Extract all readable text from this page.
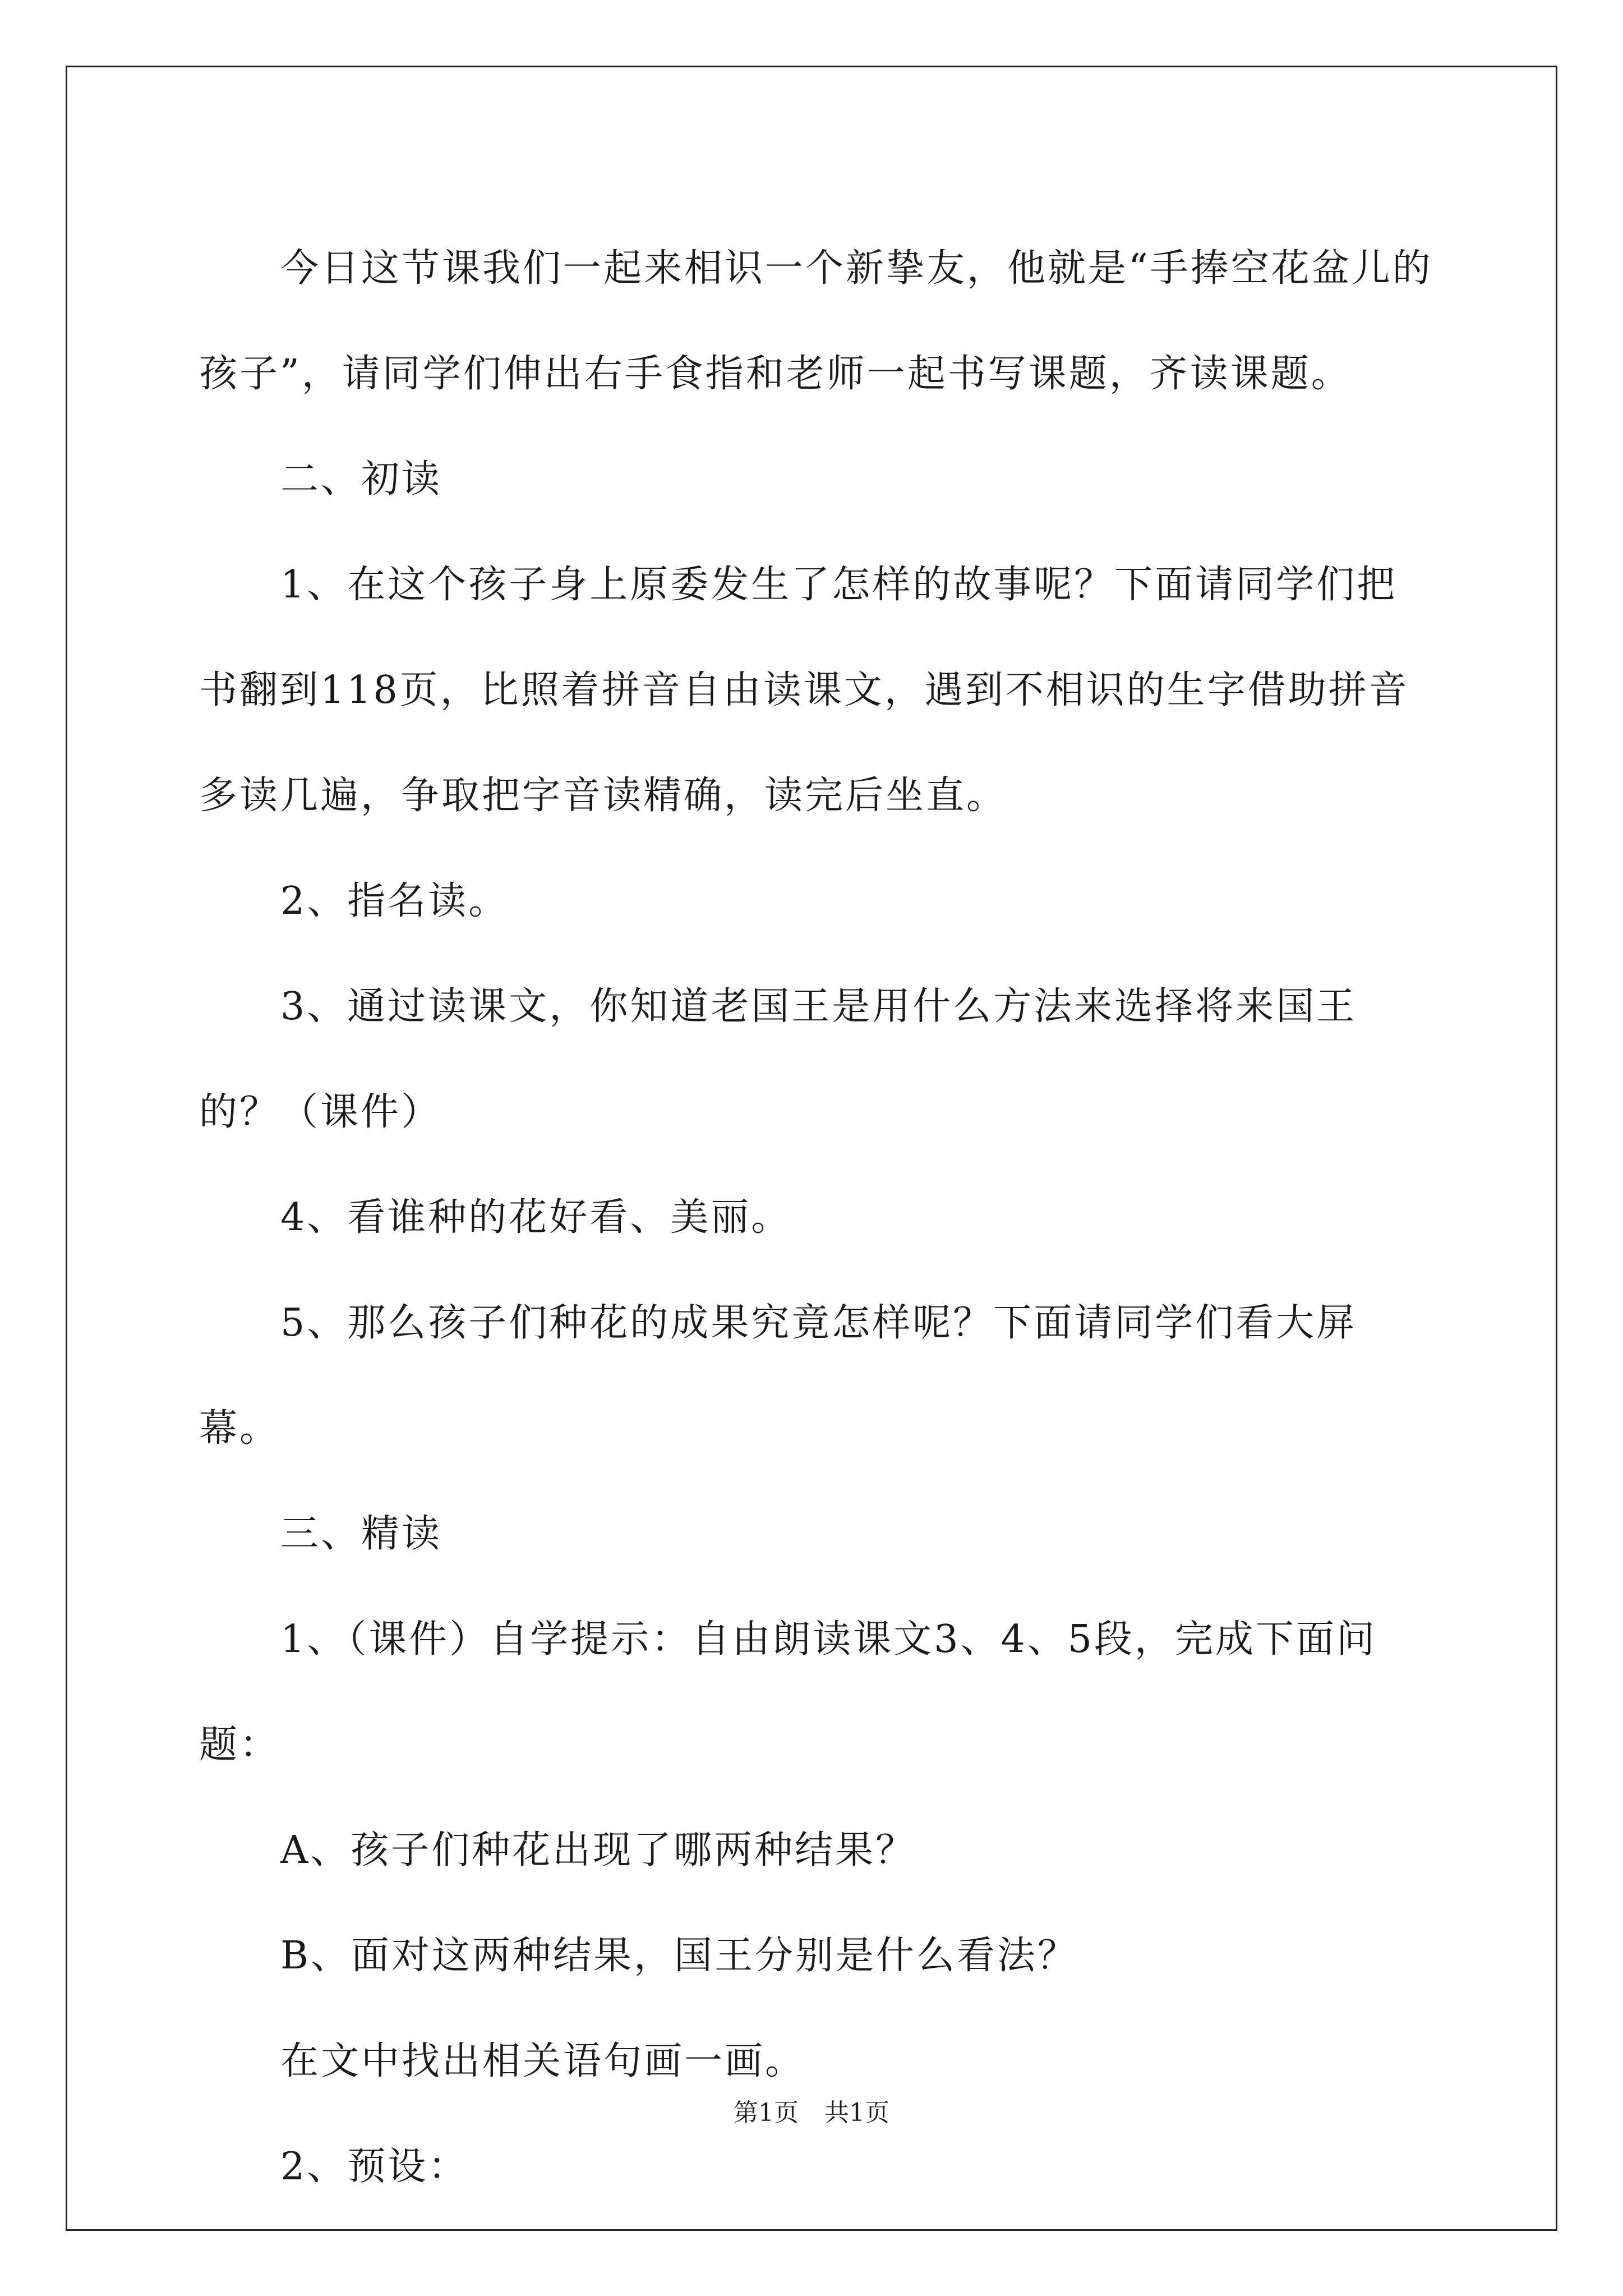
今日这节课我们一起来相识一个新挚友，他就是“手捧空花盆儿的孩子”，请同学们伸出右手食指和老师一起书写课题，齐读课题。

二、初读

1、在这个孩子身上原委发生了怎样的故事呢？下面请同学们把书翻到118页，比照着拼音自由读课文，遇到不相识的生字借助拼音多读几遍，争取把字音读精确，读完后坐直。

2、指名读。

3、通过读课文，你知道老国王是用什么方法来选择将来国王的？（课件）

4、看谁种的花好看、美丽。

5、那么孩子们种花的成果究竟怎样呢？下面请同学们看大屏幕。

三、精读

1、（课件）自学提示：自由朗读课文3、4、5段，完成下面问题：

A、孩子们种花出现了哪两种结果？

B、面对这两种结果，国王分别是什么看法？

在文中找出相关语句画一画。

2、预设：

第1页 共1页
